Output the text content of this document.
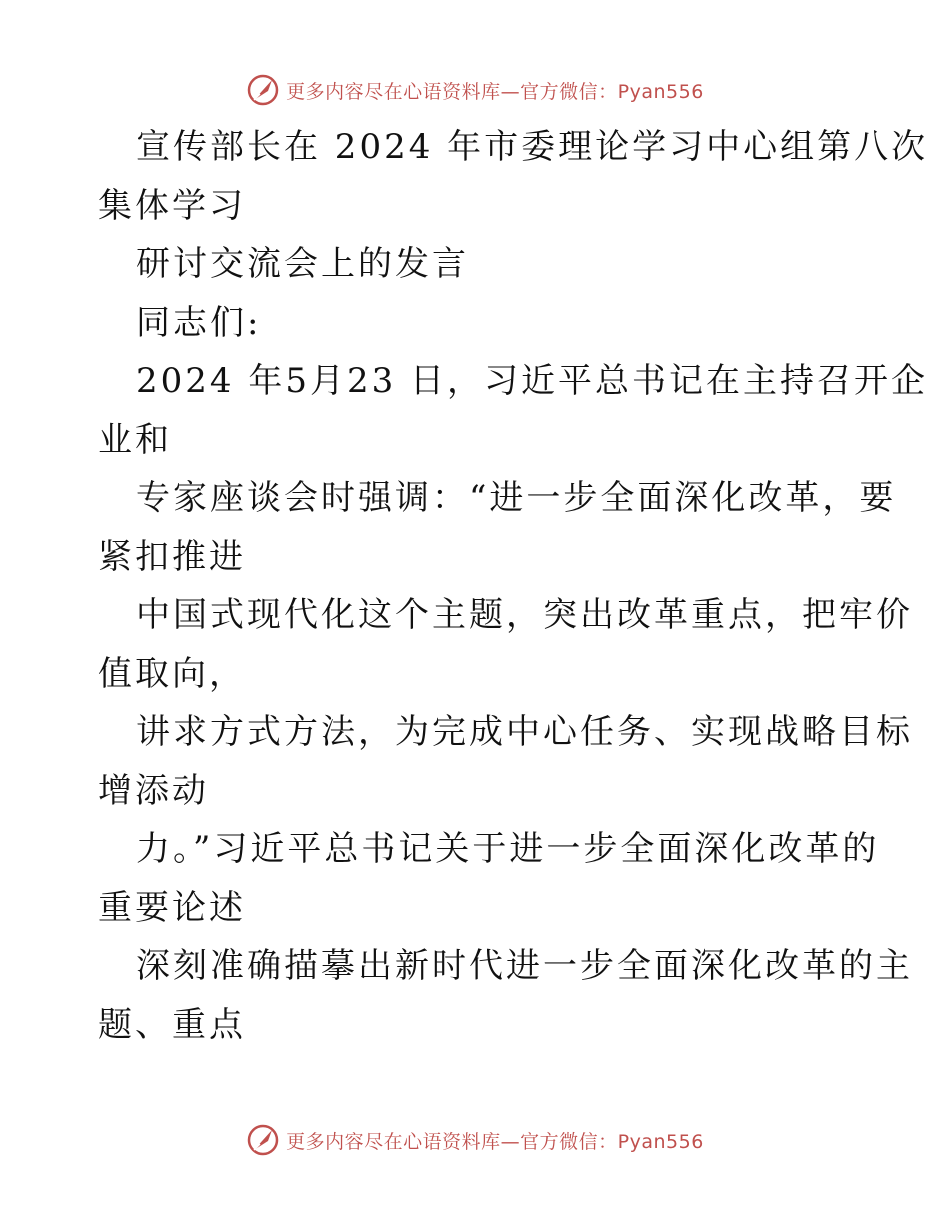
更多内容尽在心语资料库—官方微信：Pyan556
宣传部长在 2024 年市委理论学习中心组第八次
集体学习
研讨交流会上的发言
同志们:
2024 年5月23 日，习近平总书记在主持召开企
业和
专家座谈会时强调：“进一步全面深化改革，要
紧扣推进
中国式现代化这个主题，突出改革重点，把牢价
值取向，
讲求方式方法，为完成中心任务、实现战略目标
增添动
力。”习近平总书记关于进一步全面深化改革的
重要论述
深刻准确描摹出新时代进一步全面深化改革的主
题、重点
更多内容尽在心语资料库—官方微信：Pyan556
